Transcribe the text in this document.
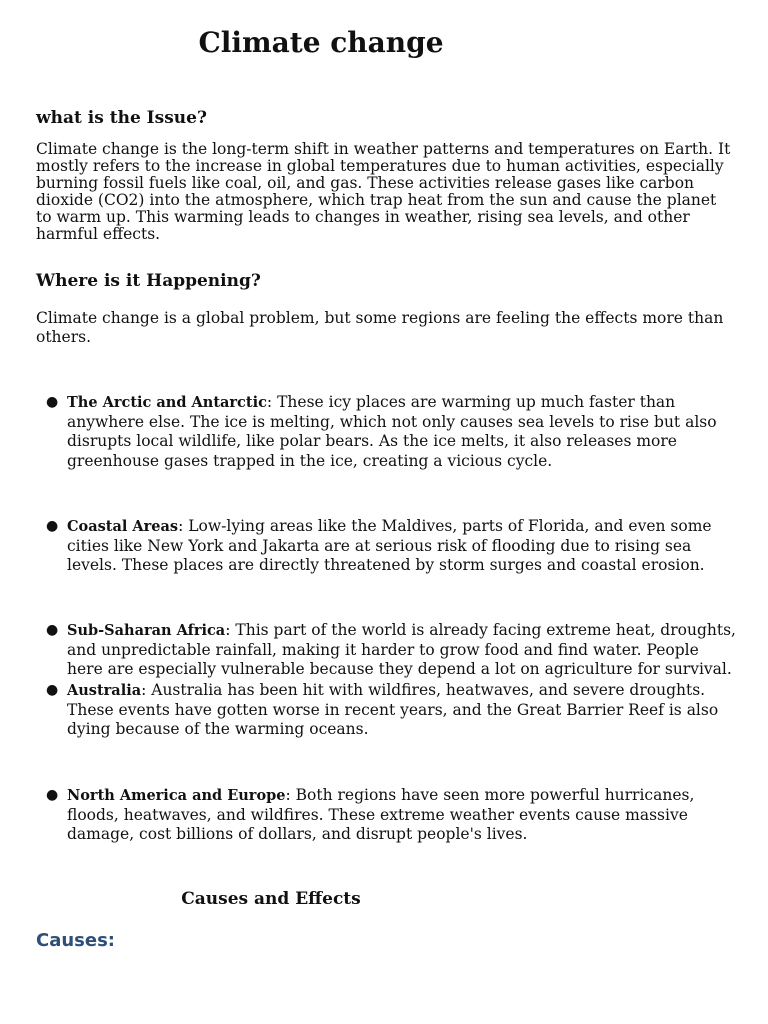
Climate change
what is the Issue?
Climate change is the long-term shift in weather patterns and temperatures on Earth. It mostly refers to the increase in global temperatures due to human activities, especially burning fossil fuels like coal, oil, and gas. These activities release gases like carbon dioxide (CO2) into the atmosphere, which trap heat from the sun and cause the planet to warm up. This warming leads to changes in weather, rising sea levels, and other harmful effects.
Where is it Happening?
Climate change is a global problem, but some regions are feeling the effects more than others.
● The Arctic and Antarctic: These icy places are warming up much faster than anywhere else. The ice is melting, which not only causes sea levels to rise but also disrupts local wildlife, like polar bears. As the ice melts, it also releases more greenhouse gases trapped in the ice, creating a vicious cycle.
● Coastal Areas: Low-lying areas like the Maldives, parts of Florida, and even some cities like New York and Jakarta are at serious risk of flooding due to rising sea levels. These places are directly threatened by storm surges and coastal erosion.
● Sub-Saharan Africa: This part of the world is already facing extreme heat, droughts, and unpredictable rainfall, making it harder to grow food and find water. People here are especially vulnerable because they depend a lot on agriculture for survival.
● Australia: Australia has been hit with wildfires, heatwaves, and severe droughts. These events have gotten worse in recent years, and the Great Barrier Reef is also dying because of the warming oceans.
● North America and Europe: Both regions have seen more powerful hurricanes, floods, heatwaves, and wildfires. These extreme weather events cause massive damage, cost billions of dollars, and disrupt people's lives.
Causes and Effects
Causes:
